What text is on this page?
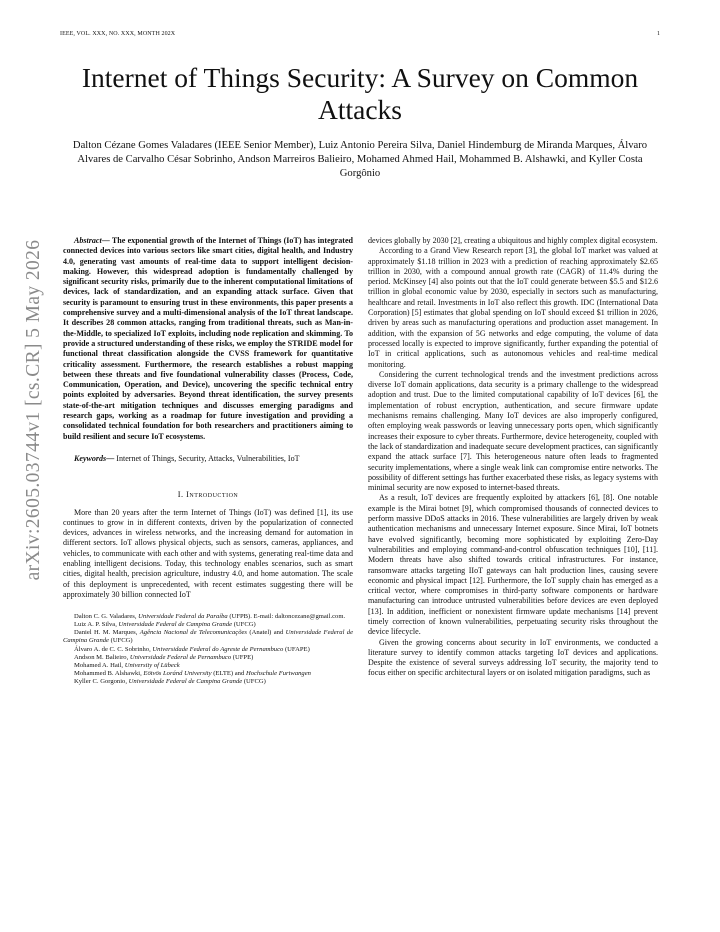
IEEE, VOL. XXX, NO. XXX, MONTH 202X	1
arXiv:2605.03744v1 [cs.CR] 5 May 2026
Internet of Things Security: A Survey on Common Attacks

Dalton Cézane Gomes Valadares (IEEE Senior Member), Luiz Antonio Pereira Silva, Daniel Hindemburg de Miranda Marques, Álvaro Alvares de Carvalho César Sobrinho, Andson Marreiros Balieiro, Mohamed Ahmed Hail, Mohammed B. Alshawki, and Kyller Costa Gorgônio

Abstract— The exponential growth of the Internet of Things (IoT) has integrated connected devices into various sectors like smart cities, digital health, and Industry 4.0, generating vast amounts of real-time data to support intelligent decision-making. However, this widespread adoption is fundamentally challenged by significant security risks, primarily due to the inherent computational limitations of devices, lack of standardization, and an expanding attack surface. Given that security is paramount to ensuring trust in these environments, this paper presents a comprehensive survey and a multi-dimensional analysis of the IoT threat landscape. It describes 28 common attacks, ranging from traditional threats, such as Man-in-the-Middle, to specialized IoT exploits, including node replication and skimming. To provide a structured understanding of these risks, we employ the STRIDE model for functional threat classification alongside the CVSS framework for quantitative criticality assessment. Furthermore, the research establishes a robust mapping between these threats and five foundational vulnerability classes (Process, Code, Communication, Operation, and Device), uncovering the specific technical entry points exploited by adversaries. Beyond threat identification, the survey presents state-of-the-art mitigation techniques and discusses emerging paradigms and research gaps, working as a roadmap for future investigation and providing a consolidated technical foundation for both researchers and practitioners aiming to build resilient and secure IoT ecosystems.

Keywords— Internet of Things, Security, Attacks, Vulnerabilities, IoT

I. Introduction

More than 20 years after the term Internet of Things (IoT) was defined [1], its use continues to grow in in different contexts, driven by the popularization of connected devices, advances in wireless networks, and the increasing demand for automation in different sectors. IoT allows physical objects, such as sensors, cameras, appliances, and vehicles, to communicate with each other and with systems, generating real-time data and enabling intelligent decisions. Today, this technology enables scenarios, such as smart cities, digital health, precision agriculture, industry 4.0, and home automation. The scale of this deployment is unprecedented, with recent estimates suggesting there will be approximately 30 billion connected IoT

Dalton C. G. Valadares, Universidade Federal da Paraíba (UFPB). E-mail: daltoncezane@gmail.com.

Luiz A. P. Silva, Universidade Federal de Campina Grande (UFCG)

Daniel H. M. Marques, Agência Nacional de Telecomunicações (Anatel) and Universidade Federal de Campina Grande (UFCG)

Álvaro A. de C. C. Sobrinho, Universidade Federal do Agreste de Pernambuco (UFAPE)

Andson M. Balieiro, Universidade Federal de Pernambuco (UFPE)

Mohamed A. Hail, University of Lübeck

Mohammed B. Alshawki, Eötvös Loránd University (ELTE) and Hochschule Furtwangen

Kyller C. Gorgonio, Universidade Federal de Campina Grande (UFCG)

devices globally by 2030 [2], creating a ubiquitous and highly complex digital ecosystem.

According to a Grand View Research report [3], the global IoT market was valued at approximately $1.18 trillion in 2023 with a prediction of reaching approximately $2.65 trillion in 2030, with a compound annual growth rate (CAGR) of 11.4% during the period. McKinsey [4] also points out that the IoT could generate between $5.5 and $12.6 trillion in global economic value by 2030, especially in sectors such as manufacturing, healthcare and retail. Investments in IoT also reflect this growth. IDC (International Data Corporation) [5] estimates that global spending on IoT should exceed $1 trillion in 2026, driven by areas such as manufacturing operations and production asset management. In addition, with the expansion of 5G networks and edge computing, the volume of data processed locally is expected to improve significantly, further expanding the potential of IoT in critical applications, such as autonomous vehicles and real-time medical monitoring.

Considering the current technological trends and the investment predictions across diverse IoT domain applications, data security is a primary challenge to the widespread adoption and trust. Due to the limited computational capability of IoT devices [6], the implementation of robust encryption, authentication, and secure firmware update mechanisms remains challenging. Many IoT devices are also improperly configured, often employing weak passwords or leaving unnecessary ports open, which significantly increases their exposure to cyber threats. Furthermore, device heterogeneity, coupled with the lack of standardization and inadequate secure development practices, can significantly expand the attack surface [7]. This heterogeneous nature often leads to fragmented security implementations, where a single weak link can compromise entire networks. The possibility of different settings has further exacerbated these risks, as legacy systems with minimal security are now exposed to internet-based threats.

As a result, IoT devices are frequently exploited by attackers [6], [8]. One notable example is the Mirai botnet [9], which compromised thousands of connected devices to perform massive DDoS attacks in 2016. These vulnerabilities are largely driven by weak authentication mechanisms and unnecessary Internet exposure. Since Mirai, IoT botnets have evolved significantly, becoming more sophisticated by exploiting Zero-Day vulnerabilities and employing command-and-control obfuscation techniques [10], [11]. Modern threats have also shifted towards critical infrastructures. For instance, ransomware attacks targeting IIoT gateways can halt production lines, causing severe economic and physical impact [12]. Furthermore, the IoT supply chain has emerged as a critical vector, where compromises in third-party software components or hardware manufacturing can introduce untrusted vulnerabilities before devices are even deployed [13]. In addition, inefficient or nonexistent firmware update mechanisms [14] prevent timely correction of known vulnerabilities, perpetuating security risks throughout the device lifecycle.

Given the growing concerns about security in IoT environments, we conducted a literature survey to identify common attacks targeting IoT devices and applications. Despite the existence of several surveys addressing IoT security, the majority tend to focus either on specific architectural layers or on isolated mitigation paradigms, such as
